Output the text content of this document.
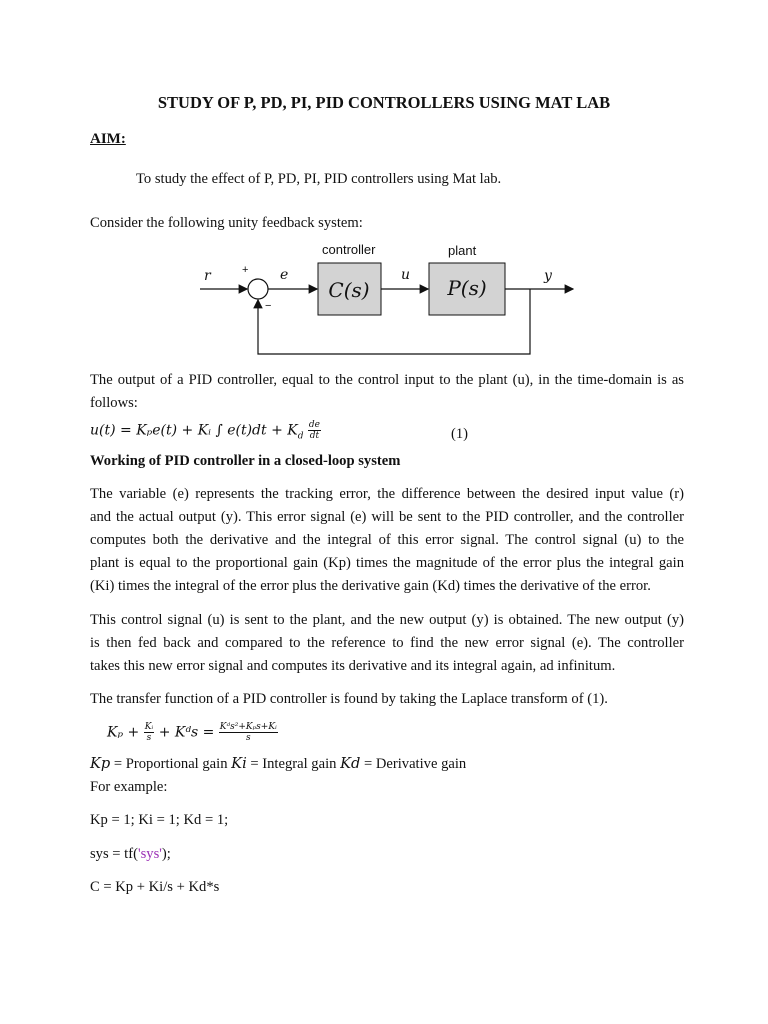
STUDY OF P, PD, PI, PID CONTROLLERS USING MAT LAB
AIM:
To study the effect of P, PD, PI, PID controllers using Mat lab.
Consider the following unity feedback system:
controller	plant
C(s)	P(s)
r	+
−
e	u	y
The output of a PID controller, equal to the control input to the plant (u), in the time-domain is as
follows:
u(t) = Kₚe(t) + Kᵢ ∫ $e(t)dt + K_d \frac{de}{dt}$	(1)
Working of PID controller in a closed-loop system
The variable (e) represents the tracking error, the difference between the desired input value (r)
and the actual output (y). This error signal (e) will be sent to the PID controller, and the controller
computes both the derivative and the integral of this error signal. The control signal (u) to the
plant is equal to the proportional gain (Kp) times the magnitude of the error plus the integral gain
(Ki) times the integral of the error plus the derivative gain (Kd) times the derivative of the error.
This control signal (u) is sent to the plant, and the new output (y) is obtained. The new output (y)
is then fed back and compared to the reference to find the new error signal (e). The controller
takes this new error signal and computes its derivative and its integral again, ad infinitum.
The transfer function of a PID controller is found by taking the Laplace transform of (1).
$K_p + \frac{\text{Kᵢ}}{s}$ + Kᵈs = $\frac{\text{Kᵈs²+Kₚs+Kᵢ}}{s}$
Kp = Proportional gain Ki = Integral gain Kd = Derivative gain
For example:
Kp = 1; Ki = 1; Kd = 1;
sys = tf('sys');
C = Kp + Ki/s + Kd*s
